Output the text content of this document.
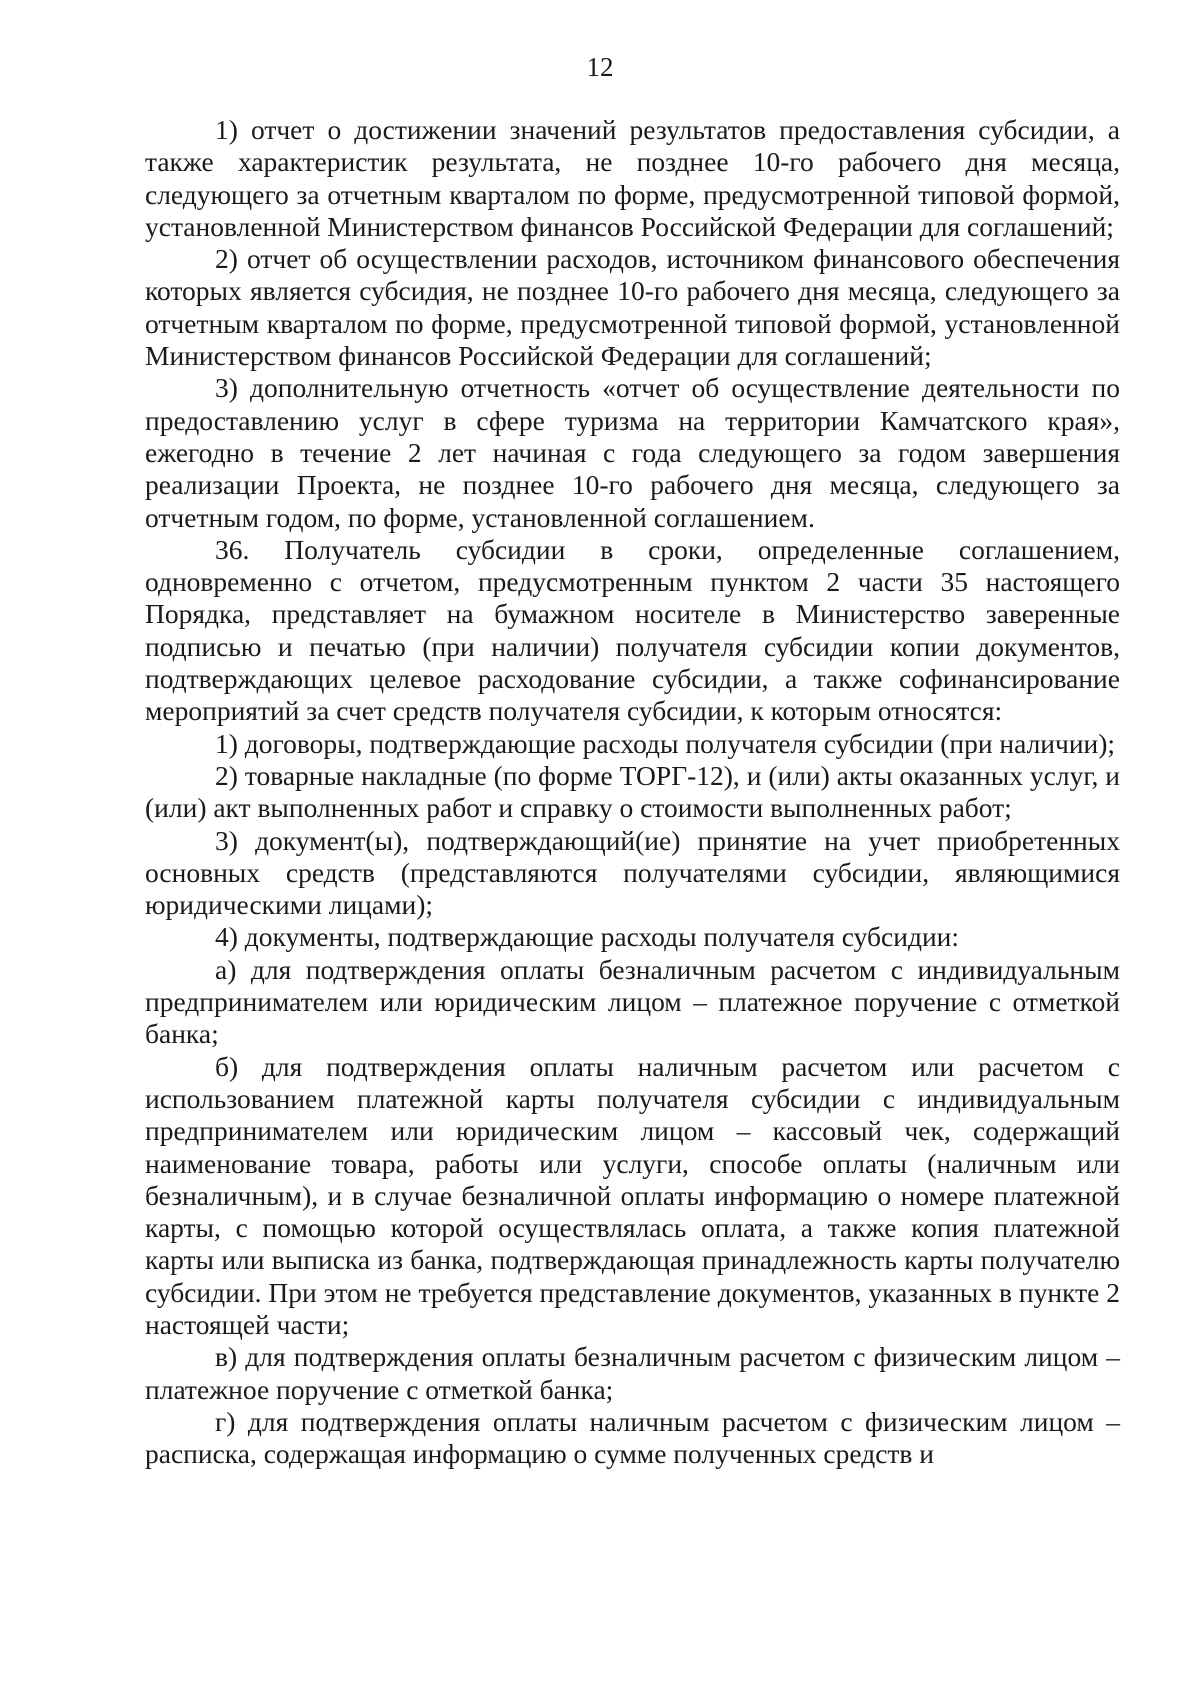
12

1) отчет о достижении значений результатов предоставления субсидии, а также характеристик результата, не позднее 10-го рабочего дня месяца, следующего за отчетным кварталом по форме, предусмотренной типовой формой, установленной Министерством финансов Российской Федерации для соглашений;

2) отчет об осуществлении расходов, источником финансового обеспечения которых является субсидия, не позднее 10-го рабочего дня месяца, следующего за отчетным кварталом по форме, предусмотренной типовой формой, установленной Министерством финансов Российской Федерации для соглашений;

3) дополнительную отчетность «отчет об осуществление деятельности по предоставлению услуг в сфере туризма на территории Камчатского края», ежегодно в течение 2 лет начиная с года следующего за годом завершения реализации Проекта, не позднее 10-го рабочего дня месяца, следующего за отчетным годом, по форме, установленной соглашением.

36. Получатель субсидии в сроки, определенные соглашением, одновременно с отчетом, предусмотренным пунктом 2 части 35 настоящего Порядка, представляет на бумажном носителе в Министерство заверенные подписью и печатью (при наличии) получателя субсидии копии документов, подтверждающих целевое расходование субсидии, а также софинансирование мероприятий за счет средств получателя субсидии, к которым относятся:

1) договоры, подтверждающие расходы получателя субсидии (при наличии);

2) товарные накладные (по форме ТОРГ-12), и (или) акты оказанных услуг, и (или) акт выполненных работ и справку о стоимости выполненных работ;

3) документ(ы), подтверждающий(ие) принятие на учет приобретенных основных средств (представляются получателями субсидии, являющимися юридическими лицами);

4) документы, подтверждающие расходы получателя субсидии:

а) для подтверждения оплаты безналичным расчетом с индивидуальным предпринимателем или юридическим лицом – платежное поручение с отметкой банка;

б) для подтверждения оплаты наличным расчетом или расчетом с использованием платежной карты получателя субсидии с индивидуальным предпринимателем или юридическим лицом – кассовый чек, содержащий наименование товара, работы или услуги, способе оплаты (наличным или безналичным), и в случае безналичной оплаты информацию о номере платежной карты, с помощью которой осуществлялась оплата, а также копия платежной карты или выписка из банка, подтверждающая принадлежность карты получателю субсидии. При этом не требуется представление документов, указанных в пункте 2 настоящей части;

в) для подтверждения оплаты безналичным расчетом с физическим лицом – платежное поручение с отметкой банка;

г) для подтверждения оплаты наличным расчетом с физическим лицом – расписка, содержащая информацию о сумме полученных средств и
